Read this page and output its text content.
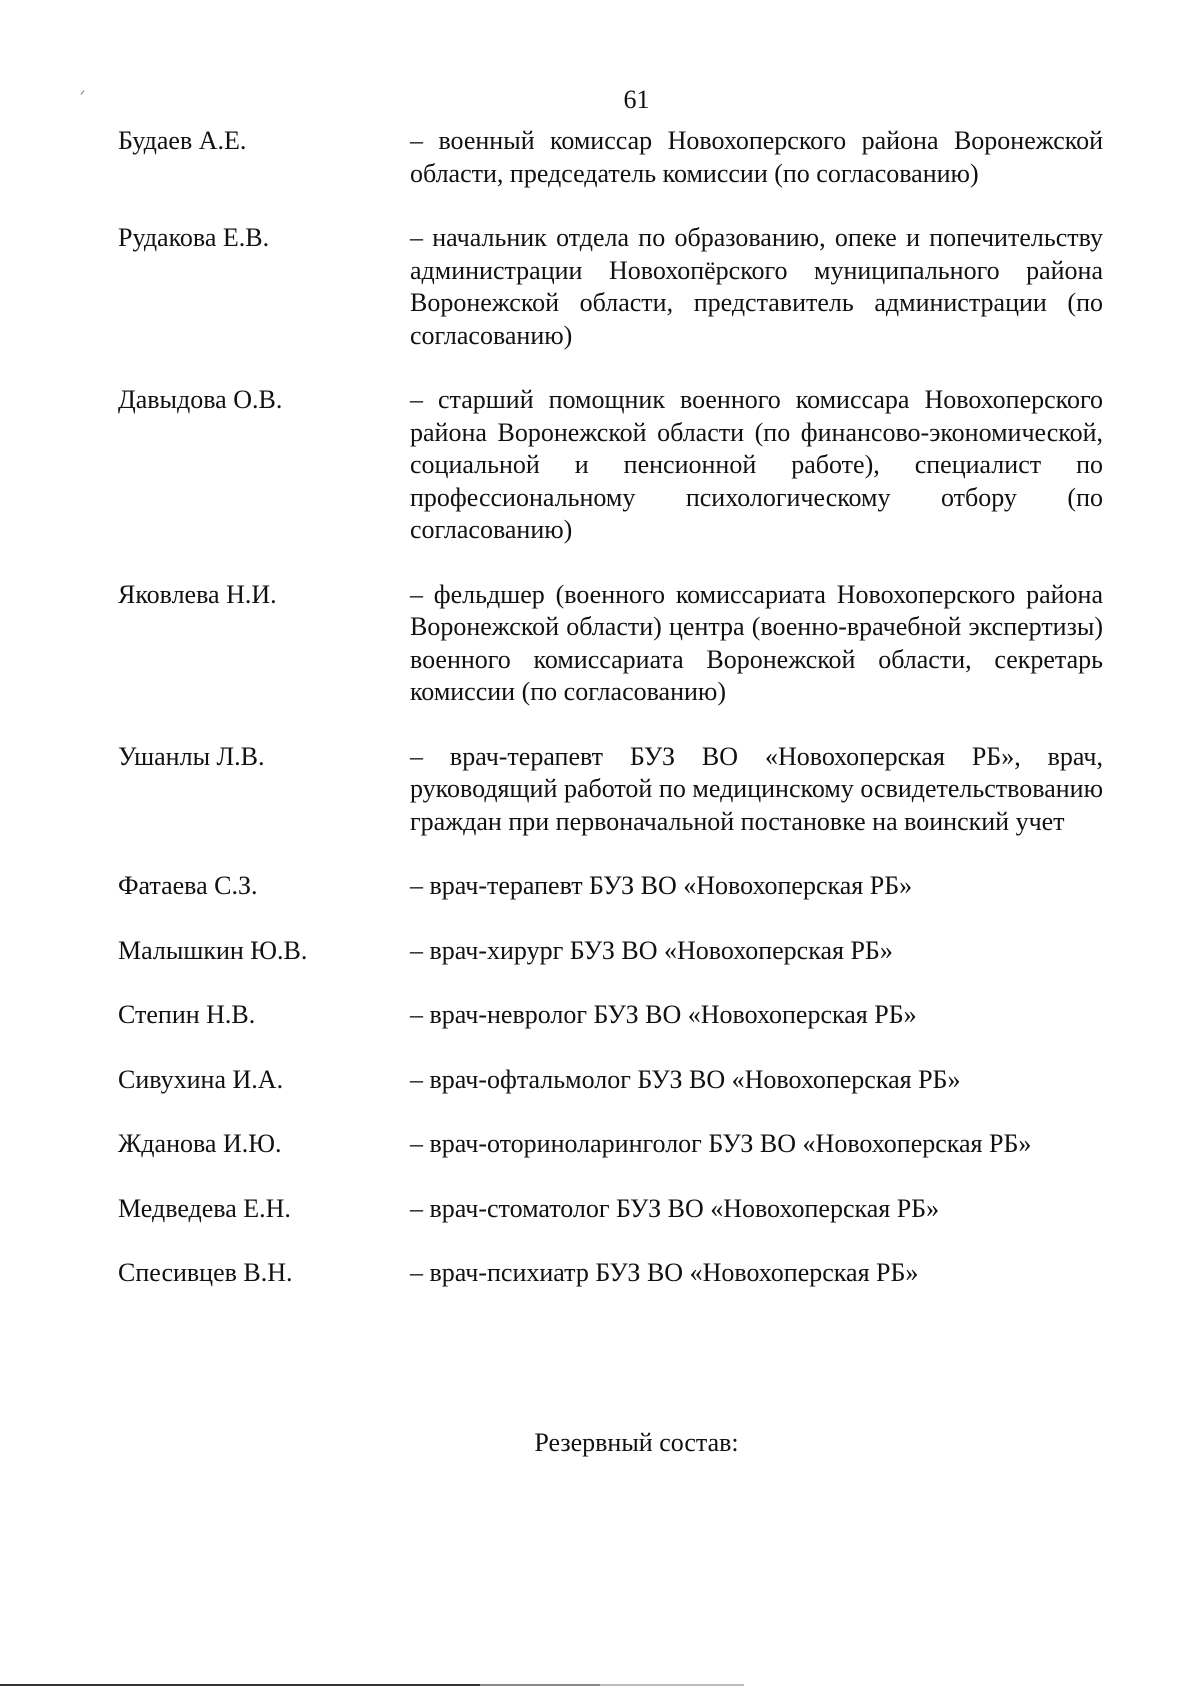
61
Будаев А.Е.	– военный комиссар Новохоперского района Воронежской области, председатель комиссии (по согласованию)
Рудакова Е.В.	– начальник отдела по образованию, опеке и попечительству администрации Новохопёрского муниципального района Воронежской области, представитель администрации (по согласованию)
Давыдова О.В.	– старший помощник военного комиссара Новохоперского района Воронежской области (по финансово-экономической, социальной и пенсионной работе), специалист по профессиональному психологическому отбору (по согласованию)
Яковлева Н.И.	– фельдшер (военного комиссариата Новохоперского района Воронежской области) центра (военно-врачебной экспертизы) военного комиссариата Воронежской области, секретарь комиссии (по согласованию)
Ушанлы Л.В.	– врач-терапевт БУЗ ВО «Новохоперская РБ», врач, руководящий работой по медицинскому освидетельствованию граждан при первоначальной постановке на воинский учет
Фатаева С.З.	– врач-терапевт БУЗ ВО «Новохоперская РБ»
Малышкин Ю.В.	– врач-хирург БУЗ ВО «Новохоперская РБ»
Степин Н.В.	– врач-невролог БУЗ ВО «Новохоперская РБ»
Сивухина И.А.	– врач-офтальмолог БУЗ ВО «Новохоперская РБ»
Жданова И.Ю.	– врач-оториноларинголог БУЗ ВО «Новохоперская РБ»
Медведева Е.Н.	– врач-стоматолог БУЗ ВО «Новохоперская РБ»
Спесивцев В.Н.	– врач-психиатр БУЗ ВО «Новохоперская РБ»
Резервный состав:
